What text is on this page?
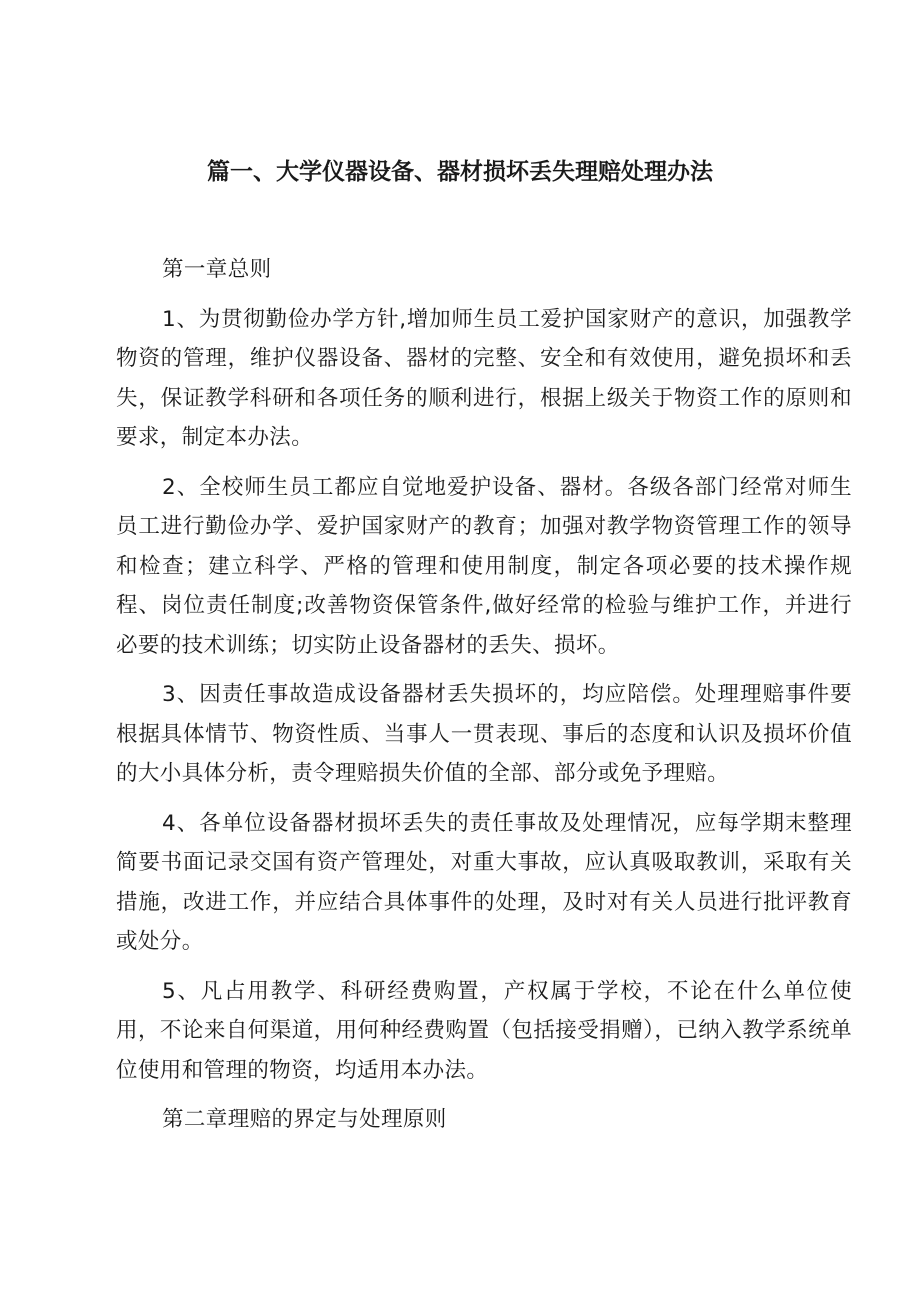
篇一、大学仪器设备、器材损坏丢失理赔处理办法

第一章总则

1、为贯彻勤俭办学方针,增加师生员工爱护国家财产的意识，加强教学物资的管理，维护仪器设备、器材的完整、安全和有效使用，避免损坏和丢失，保证教学科研和各项任务的顺利进行，根据上级关于物资工作的原则和要求，制定本办法。

2、全校师生员工都应自觉地爱护设备、器材。各级各部门经常对师生员工进行勤俭办学、爱护国家财产的教育；加强对教学物资管理工作的领导和检查；建立科学、严格的管理和使用制度，制定各项必要的技术操作规程、岗位责任制度;改善物资保管条件,做好经常的检验与维护工作，并进行必要的技术训练；切实防止设备器材的丢失、损坏。

3、因责任事故造成设备器材丢失损坏的，均应陪偿。处理理赔事件要根据具体情节、物资性质、当事人一贯表现、事后的态度和认识及损坏价值的大小具体分析，责令理赔损失价值的全部、部分或免予理赔。

4、各单位设备器材损坏丢失的责任事故及处理情况，应每学期末整理简要书面记录交国有资产管理处，对重大事故，应认真吸取教训，采取有关措施，改进工作，并应结合具体事件的处理，及时对有关人员进行批评教育或处分。

5、凡占用教学、科研经费购置，产权属于学校，不论在什么单位使用，不论来自何渠道，用何种经费购置（包括接受捐赠），已纳入教学系统单位使用和管理的物资，均适用本办法。

第二章理赔的界定与处理原则
